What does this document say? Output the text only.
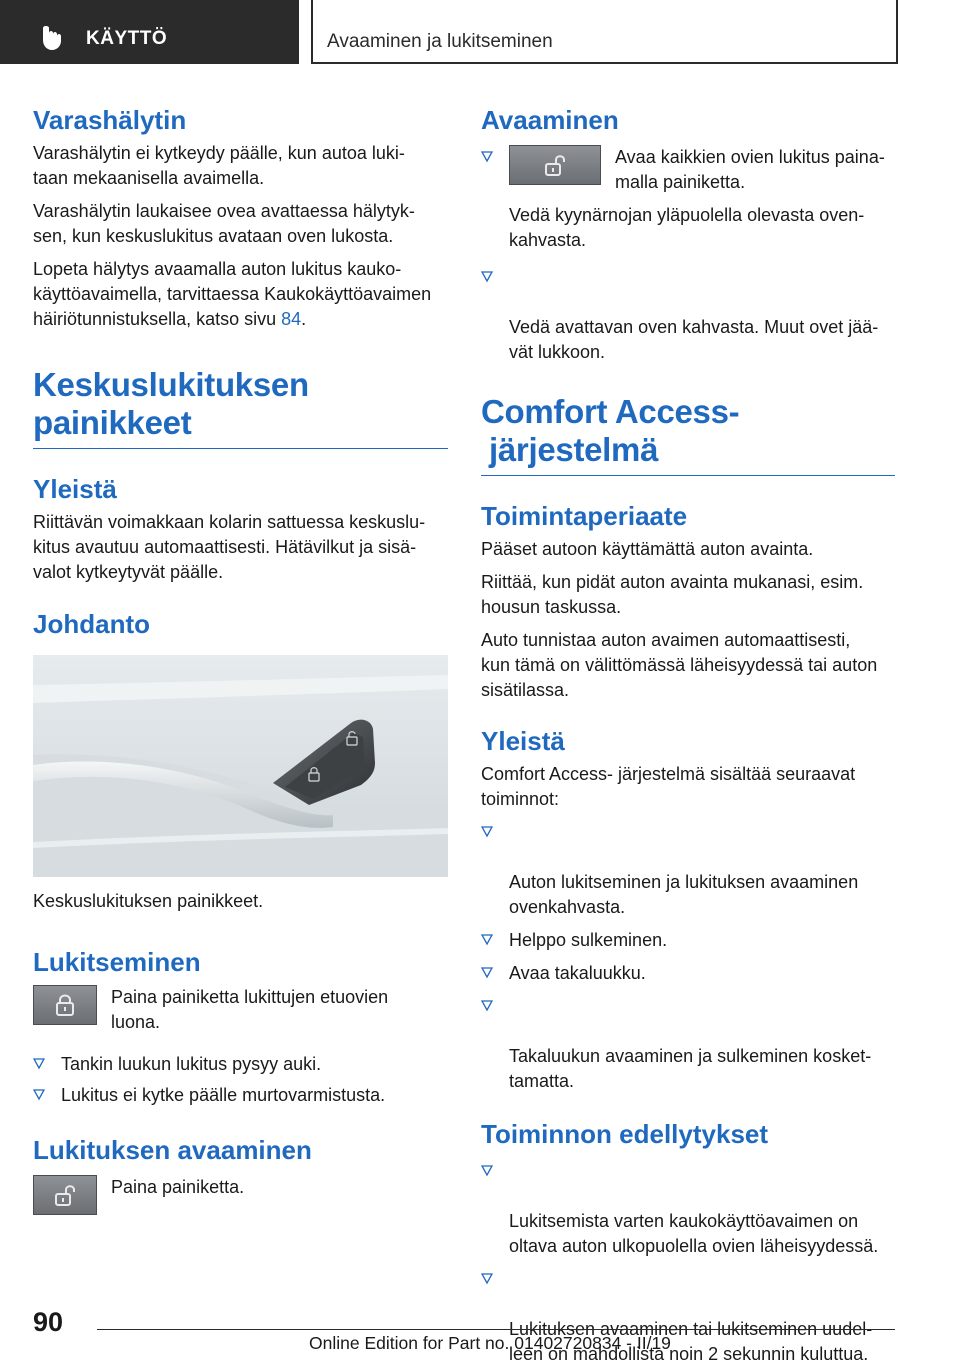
KÄYTTÖ	Avaaminen ja lukitseminen
Varashälytin

Varashälytin ei kytkeydy päälle, kun autoa luki‐
taan mekaanisella avaimella.

Varashälytin laukaisee ovea avattaessa hälytyk‐
sen, kun keskuslukitus avataan oven lukosta.

Lopeta hälytys avaamalla auton lukitus kauko‐
käyttöavaimella, tarvittaessa Kaukokäyttöavaimen
häiriötunnistuksella, katso sivu 84.

Keskuslukituksen
painikkeet
Yleistä

Riittävän voimakkaan kolarin sattuessa keskuslu‐
kitus avautuu automaattisesti. Hätävilkut ja sisä‐
valot kytkeytyvät päälle.

Johdanto

Keskuslukituksen painikkeet.

Lukitseminen

Paina painiketta lukittujen etuovien
luona.

Tankin luukun lukitus pysyy auki.
Lukitus ei kytke päälle murtovarmistusta.
Lukituksen avaaminen

Paina painiketta.

Avaaminen
Avaa kaikkien ovien lukitus paina‐
malla painiketta.
Vedä kyynärnojan yläpuolella olevasta oven‐
kahvasta.

Vedä avattavan oven kahvasta. Muut ovet jää‐
vät lukkoon.

Comfort Access-
järjestelmä
Toimintaperiaate

Pääset autoon käyttämättä auton avainta.

Riittää, kun pidät auton avainta mukanasi, esim.
housun taskussa.

Auto tunnistaa auton avaimen automaattisesti,
kun tämä on välittömässä läheisyydessä tai auton
sisätilassa.

Yleistä

Comfort Access- järjestelmä sisältää seuraavat
toiminnot:

Auton lukitseminen ja lukituksen avaaminen
ovenkahvasta.

Helppo sulkeminen.
Avaa takaluukku.

Takaluukun avaaminen ja sulkeminen kosket‐
tamatta.

Toiminnon edellytykset

Lukitsemista varten kaukokäyttöavaimen on
oltava auton ulkopuolella ovien läheisyydessä.

Lukituksen avaaminen tai lukitseminen uudel‐
leen on mahdollista noin 2 sekunnin kuluttua.

90
Online Edition for Part no. 01402720834 - II/19
